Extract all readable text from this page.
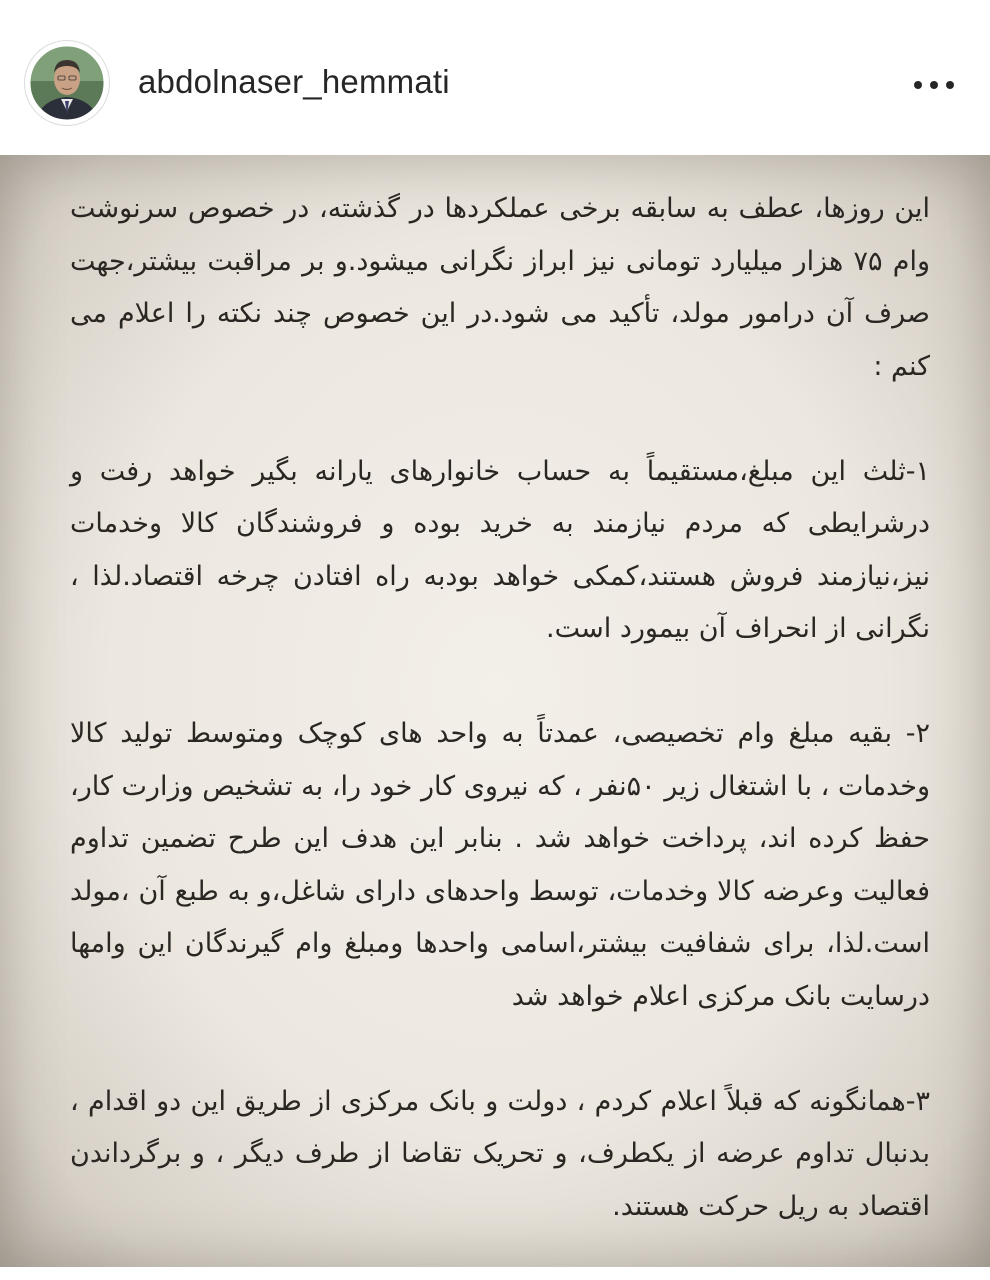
abdolnaser_hemmati

این روزها، عطف به سابقه برخی عملکردها در گذشته، در خصوص سرنوشت وام ۷۵ هزار میلیارد تومانی نیز ابراز نگرانی میشود.و بر مراقبت بیشتر،جهت صرف آن درامور مولد، تأکید می شود.در این خصوص چند نکته را اعلام می کنم :

۱-ثلث این مبلغ،مستقیماً به حساب خانوارهای یارانه بگیر خواهد رفت و درشرایطی که مردم نیازمند به خرید بوده و فروشندگان کالا وخدمات نیز،نیازمند فروش هستند،کمکی خواهد بودبه راه افتادن چرخه اقتصاد.لذا ، نگرانی از انحراف آن بیمورد است.

۲- بقیه مبلغ وام تخصیصی، عمدتاً به واحد های کوچک ومتوسط تولید کالا وخدمات ، با اشتغال زیر ۵۰نفر ، که نیروی کار خود را، به تشخیص وزارت کار، حفظ کرده اند، پرداخت خواهد شد . بنابر این هدف این طرح تضمین تداوم فعالیت وعرضه کالا وخدمات، توسط واحدهای دارای شاغل،و به طبع آن ،مولد است.لذا، برای شفافیت بیشتر،اسامی واحدها ومبلغ وام گیرندگان این وامها درسایت بانک مرکزی اعلام خواهد شد

۳-همانگونه که قبلاً اعلام کردم ، دولت و بانک مرکزی از طریق این دو اقدام ، بدنبال تداوم عرضه از یکطرف، و تحریک تقاضا از طرف دیگر ، و برگرداندن اقتصاد به ریل حرکت هستند.
